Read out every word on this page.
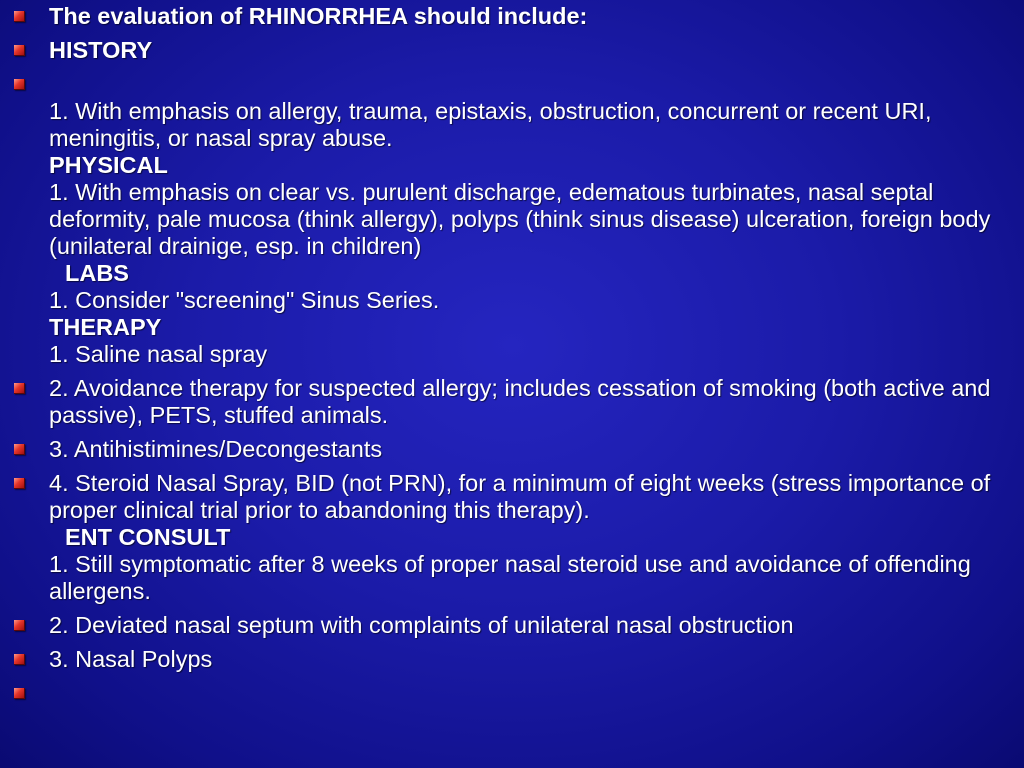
The evaluation of RHINORRHEA should include:
HISTORY
1. With emphasis on allergy, trauma, epistaxis, obstruction, concurrent or recent URI, meningitis, or nasal spray abuse.
PHYSICAL
1. With emphasis on clear vs. purulent discharge, edematous turbinates, nasal septal deformity, pale mucosa (think allergy), polyps (think sinus disease) ulceration, foreign body (unilateral drainige, esp. in children)
LABS
1. Consider "screening" Sinus Series.
THERAPY
1. Saline nasal spray
2. Avoidance therapy for suspected allergy; includes cessation of smoking (both active and passive), PETS, stuffed animals.
3. Antihistimines/Decongestants
4. Steroid Nasal Spray, BID (not PRN), for a minimum of eight weeks (stress importance of proper clinical trial prior to abandoning this therapy).
ENT CONSULT
1. Still symptomatic after 8 weeks of proper nasal steroid use and avoidance of offending allergens.
2. Deviated nasal septum with complaints of unilateral nasal obstruction
3. Nasal Polyps
